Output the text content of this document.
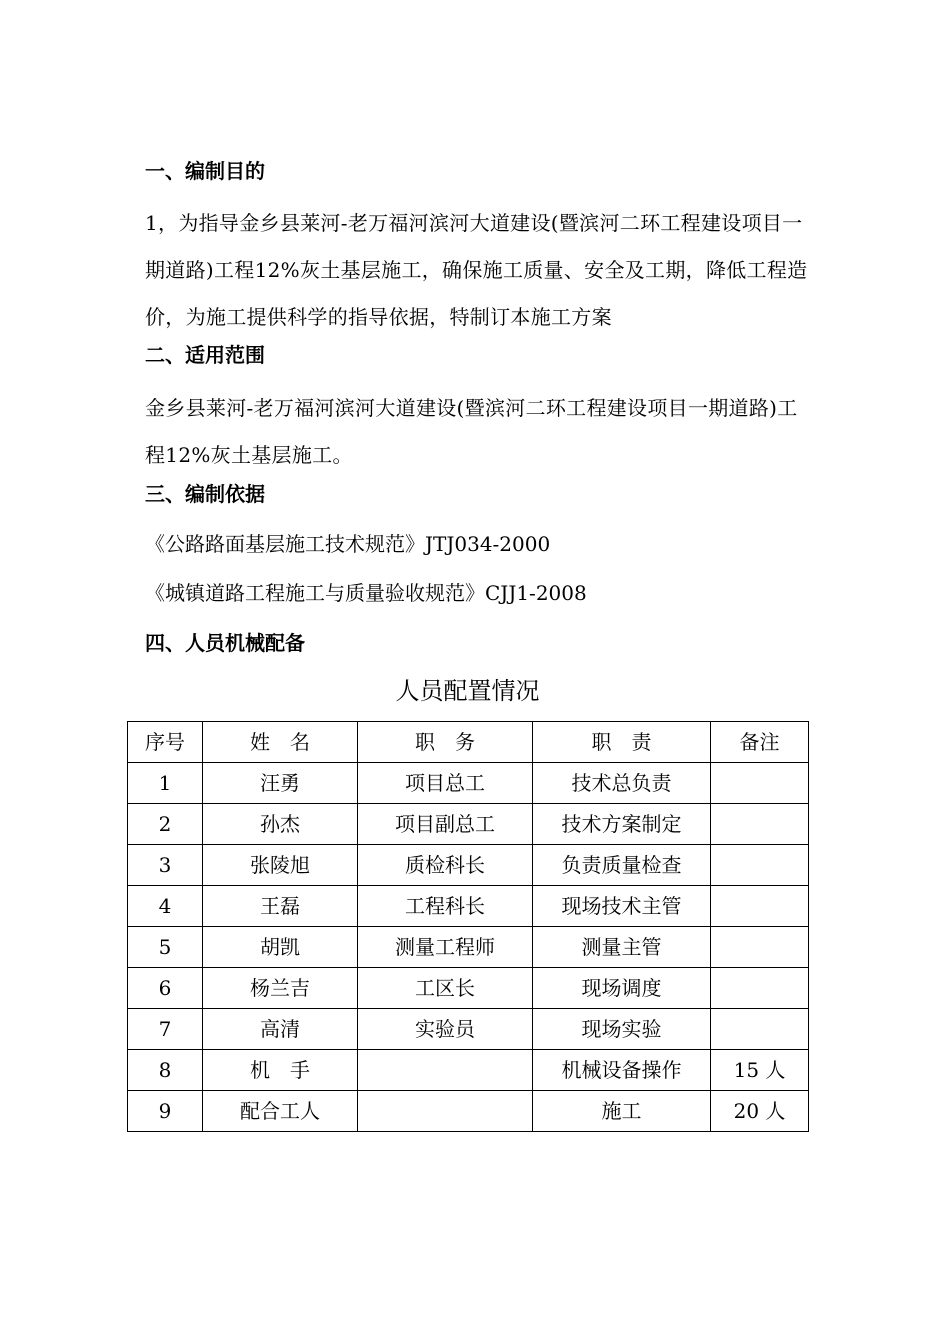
一、编制目的

1，为指导金乡县莱河-老万福河滨河大道建设(暨滨河二环工程建设项目一期道路)工程12%灰土基层施工，确保施工质量、安全及工期，降低工程造价，为施工提供科学的指导依据，特制订本施工方案

二、适用范围

金乡县莱河-老万福河滨河大道建设(暨滨河二环工程建设项目一期道路)工程12%灰土基层施工。

三、编制依据
《公路路面基层施工技术规范》JTJ034-2000
《城镇道路工程施工与质量验收规范》CJJ1-2008
四、人员机械配备
人员配置情况
序号	姓　名	职　务	职　责	备注
1	汪勇	项目总工	技术总负责	
2	孙杰	项目副总工	技术方案制定	
3	张陵旭	质检科长	负责质量检查	
4	王磊	工程科长	现场技术主管	
5	胡凯	测量工程师	测量主管	
6	杨兰吉	工区长	现场调度	
7	高清	实验员	现场实验	
8	机　手		机械设备操作	15 人
9	配合工人		施工	20 人
